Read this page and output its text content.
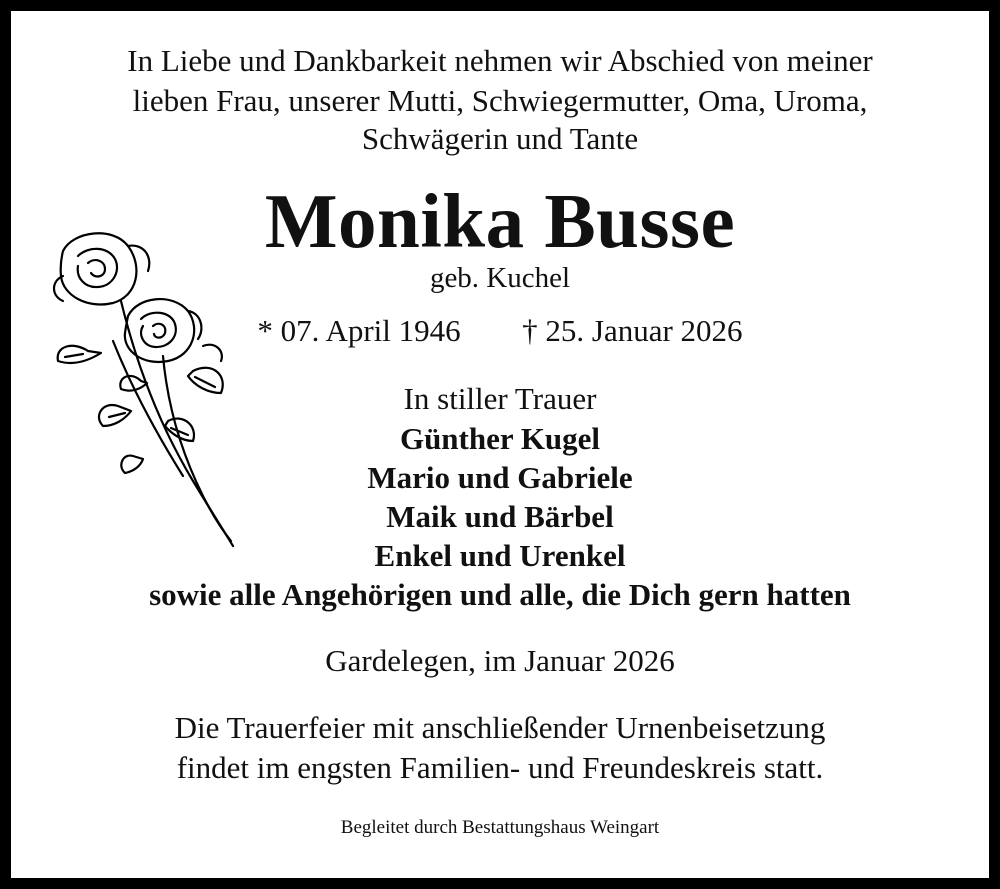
In Liebe und Dankbarkeit nehmen wir Abschied von meiner
lieben Frau, unserer Mutti, Schwiegermutter, Oma, Uroma,
Schwägerin und Tante
Monika Busse
geb. Kuchel
* 07. April 1946 † 25. Januar 2026
In stiller Trauer
Günther Kugel
Mario und Gabriele
Maik und Bärbel
Enkel und Urenkel
sowie alle Angehörigen und alle, die Dich gern hatten
Gardelegen, im Januar 2026
Die Trauerfeier mit anschließender Urnenbeisetzung
findet im engsten Familien- und Freundeskreis statt.
Begleitet durch Bestattungshaus Weingart
